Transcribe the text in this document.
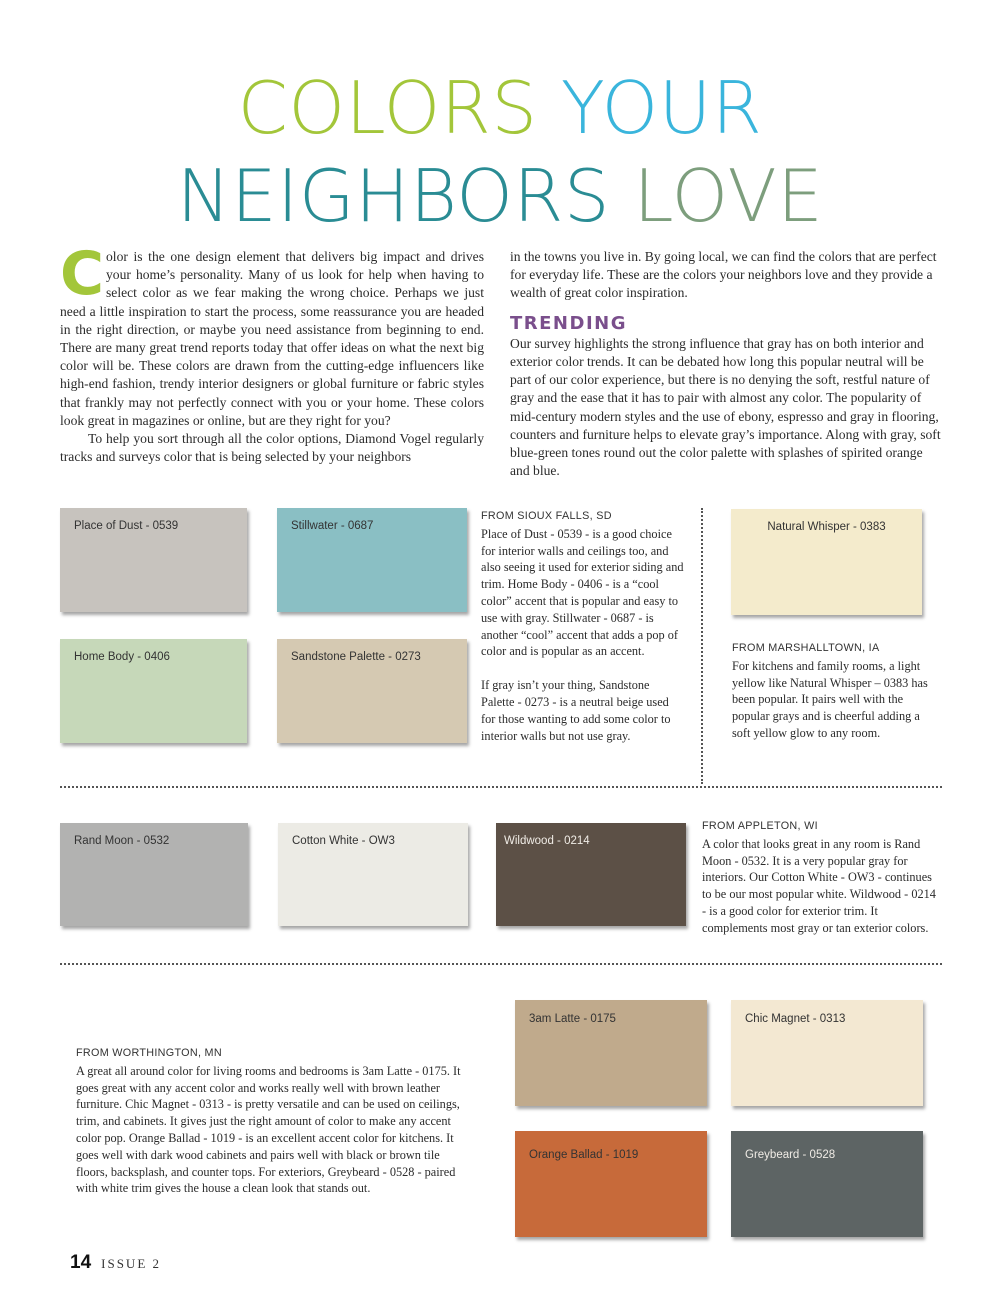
COLORS YOUR
NEIGHBORS LOVE

Color is the one design element that delivers big impact and drives your home’s personality. Many of us look for help when having to select color as we fear making the wrong choice. Perhaps we just need a little inspiration to start the process, some reassurance you are headed in the right direction, or maybe you need assistance from beginning to end. There are many great trend reports today that offer ideas on what the next big color will be. These colors are drawn from the cutting-edge influencers like high-end fashion, trendy interior designers or global furniture or fabric styles that frankly may not perfectly connect with you or your home. These colors look great in magazines or online, but are they right for you?

To help you sort through all the color options, Diamond Vogel regularly tracks and surveys color that is being selected by your neighbors

in the towns you live in. By going local, we can find the colors that are perfect for everyday life. These are the colors your neighbors love and they provide a wealth of great color inspiration.

TRENDING

Our survey highlights the strong influence that gray has on both interior and exterior color trends. It can be debated how long this popular neutral will be part of our color experience, but there is no denying the soft, restful nature of gray and the ease that it has to pair with almost any color. The popularity of mid-century modern styles and the use of ebony, espresso and gray in flooring, counters and furniture helps to elevate gray’s importance. Along with gray, soft blue-green tones round out the color palette with splashes of spirited orange and blue.

Place of Dust - 0539	Stillwater - 0687
Home Body - 0406	Sandstone Palette - 0273
FROM SIOUX FALLS, SD

Place of Dust - 0539 - is a good choice for interior walls and ceilings too, and also seeing it used for exterior siding and trim. Home Body - 0406 - is a “cool color” accent that is popular and easy to use with gray. Stillwater - 0687 - is another “cool” accent that adds a pop of color and is popular as an accent.

If gray isn’t your thing, Sandstone Palette - 0273 - is a neutral beige used for those wanting to add some color to interior walls but not use gray.

Natural Whisper - 0383
FROM MARSHALLTOWN, IA

For kitchens and family rooms, a light yellow like Natural Whisper – 0383 has been popular. It pairs well with the popular grays and is cheerful adding a soft yellow glow to any room.

Rand Moon - 0532	Cotton White - OW3	Wildwood - 0214
FROM APPLETON, WI

A color that looks great in any room is Rand Moon - 0532. It is a very popular gray for interiors. Our Cotton White - OW3 - continues to be our most popular white. Wildwood - 0214 - is a good color for exterior trim. It complements most gray or tan exterior colors.

FROM WORTHINGTON, MN

A great all around color for living rooms and bedrooms is 3am Latte - 0175. It goes great with any accent color and works really well with brown leather furniture. Chic Magnet - 0313 - is pretty versatile and can be used on ceilings, trim, and cabinets. It gives just the right amount of color to make any accent color pop. Orange Ballad - 1019 - is an excellent accent color for kitchens. It goes well with dark wood cabinets and pairs well with black or brown tile floors, backsplash, and counter tops. For exteriors, Greybeard - 0528 - paired with white trim gives the house a clean look that stands out.

3am Latte - 0175	Chic Magnet - 0313
Orange Ballad - 1019	Greybeard - 0528
14 ISSUE 2
